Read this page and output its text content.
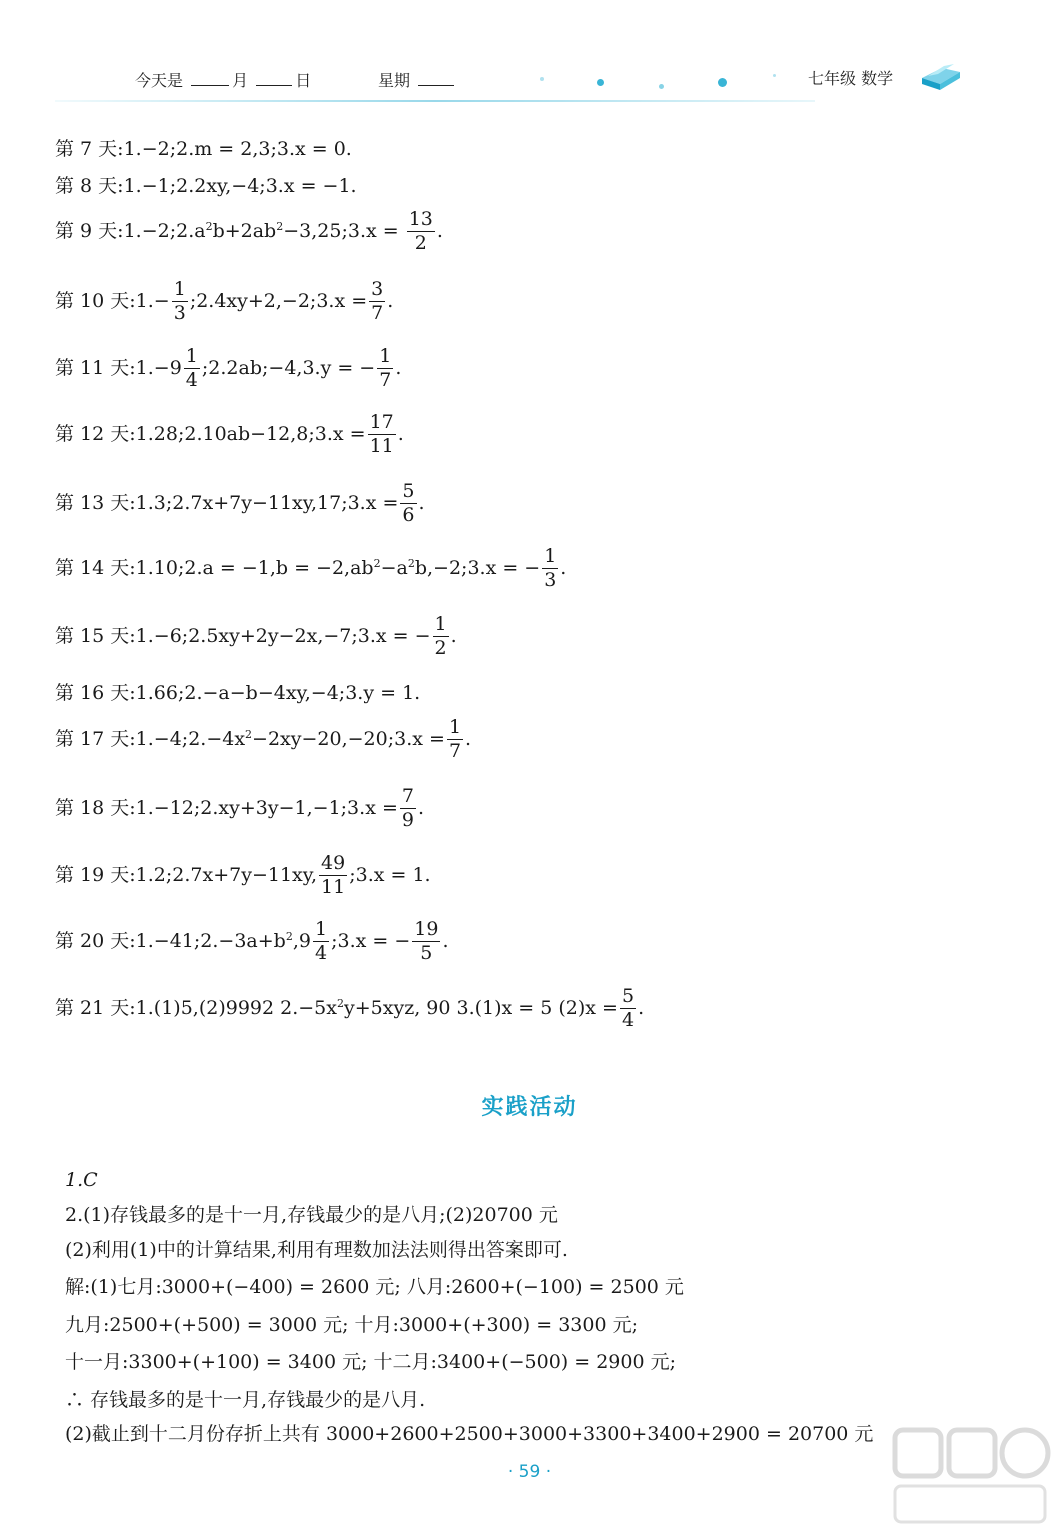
今天是	月	日	星期	七年级 数学
第 7 天:1.−2;2.m = 2,3;3.x = 0.
第 8 天:1.−1;2.2xy,−4;3.x = −1.
第 9 天$:1.-2;2.a^2b+2ab^2-3,25;3.x = \frac{13}{2}$ .
第 10 天:1.− $\frac{1}{3}$ ;2.4xy+2,−2;3.x = $\frac{3}{7}$ .
第 11 天:1.−9 $\frac{1}{4}$ ;2.2ab;−4,3.y = − $\frac{1}{7}$ .
第 12 天:1.28;2.10ab−12,8;3.x = $\frac{17}{11}$ .
第 13 天:1.3;2.7x+7y−11xy,17;3.x = $\frac{5}{6}$ .
第 14 天:1.10;2.a = $-1,b = -2,ab^2-a^2b,-2;3.x$ = − $\frac{1}{3}$ .
第 15 天:1.−6;2.5xy+2y−2x,−7;3.x = − $\frac{1}{2}$ .
第 16 天:1.66;2.−a−b−4xy,−4;3.y = 1.
第 17 天$:1.-4;2.-4x^2-2xy-20,-20;3.x = \frac{1}{7}$ .
第 18 天:1.−12;2.xy+3y−1,−1;3.x = $\frac{7}{9}$ .
第 19 天:1.2;2.7x+7y−11xy, $\frac{49}{11}$ ;3.x = 1.
第 20 天$:1.-41;2.-3a+b^2,9 \frac{1}{4}$ ;3.x = − $\frac{19}{5}$ .
第 21 天:1.(1)5,(2)9992 $2.-5x^2y+5xyz$, 90 3.(1)x = 5 $(2)x = \frac{5}{4}$ .
实践活动
1.C
2.(1)存钱最多的是十一月,存钱最少的是八月;(2)20700 元
(2)利用(1)中的计算结果,利用有理数加法法则得出答案即可.
解:(1)七月:3000+(−400) = 2600 元; 八月:2600+(−100) = 2500 元
九月:2500+(+500) = 3000 元; 十月:3000+(+300) = 3300 元;
十一月:3300+(+100) = 3400 元; 十二月:3400+(−500) = 2900 元;
∴ 存钱最多的是十一月,存钱最少的是八月.
(2)截止到十二月份存折上共有 3000+2600+2500+3000+3300+3400+2900 = 20700 元
· 59 ·
